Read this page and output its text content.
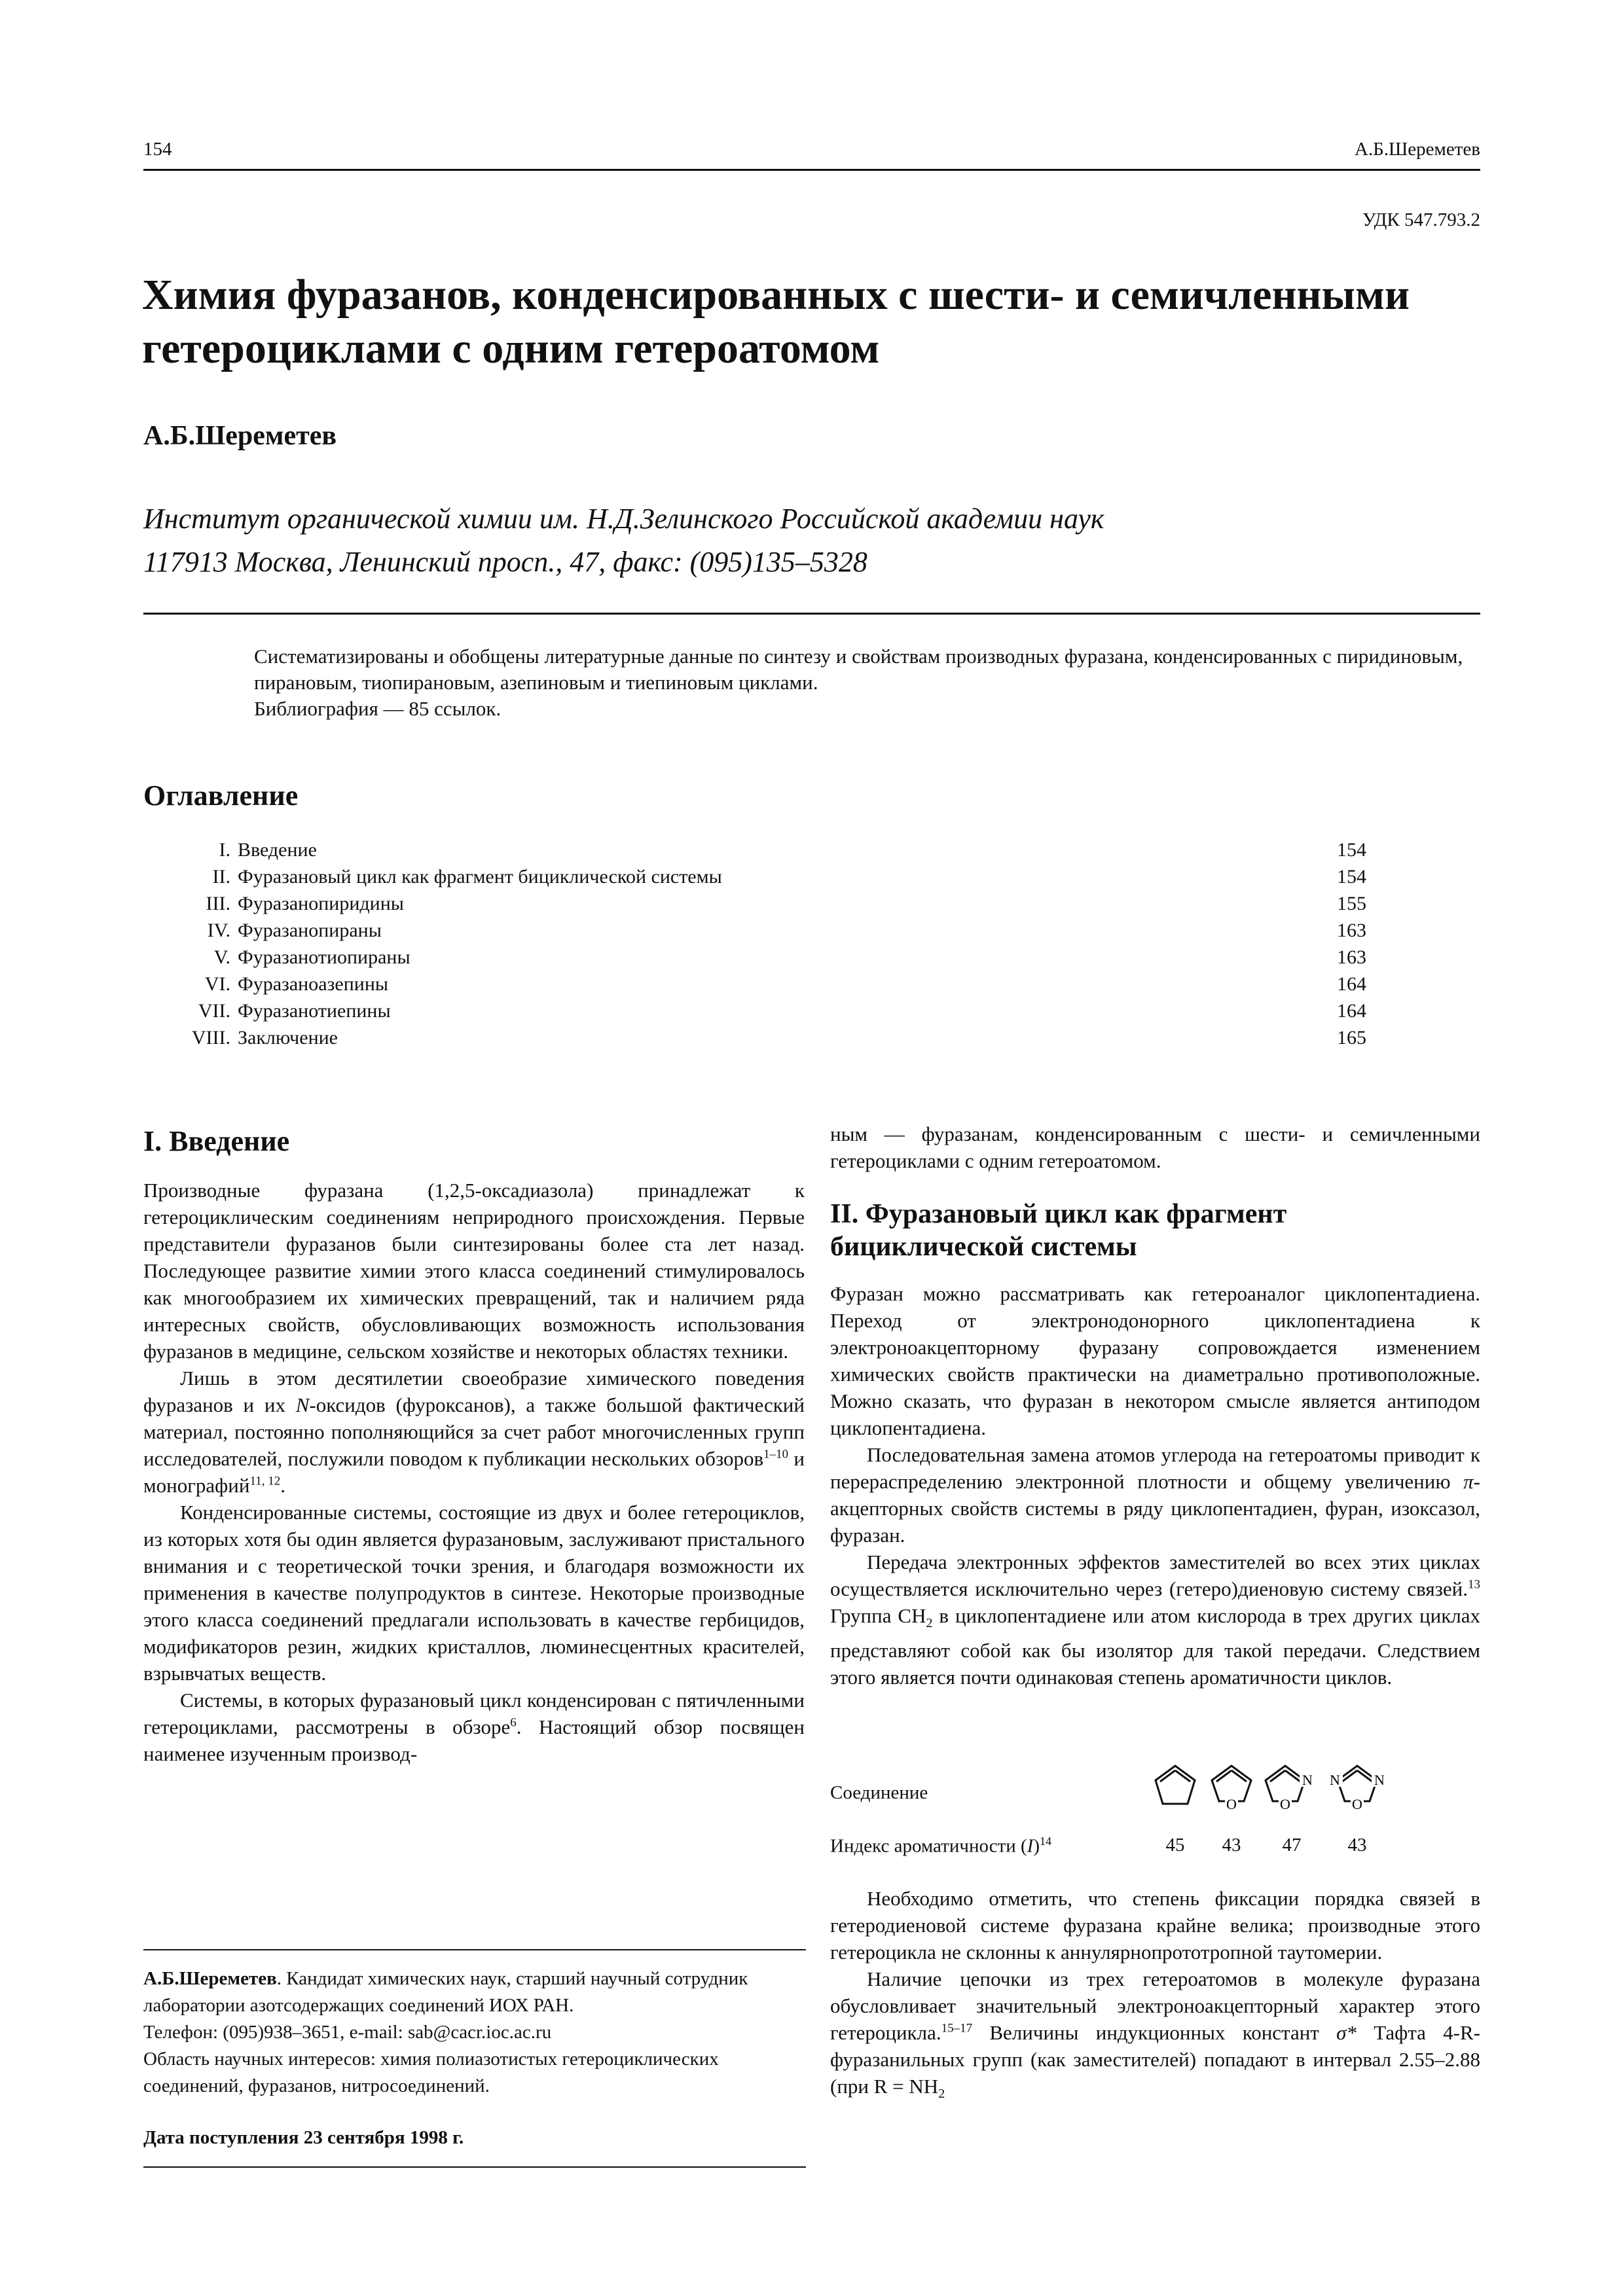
154	А.Б.Шереметев
УДК 547.793.2
Химия фуразанов, конденсированных с шести- и семичленными
гетероциклами с одним гетероатомом
А.Б.Шереметев
Институт органической химии им. Н.Д.Зелинского Российской академии наук
117913 Москва, Ленинский просп., 47, факс: (095)135–5328
Систематизированы и обобщены литературные данные по синтезу и свойствам производных фуразана, конденсированных с пиридиновым, пирановым, тиопирановым, азепиновым и тиепиновым циклами.
Библиография — 85 ссылок.
Оглавление
I. Введение	154
II. Фуразановый цикл как фрагмент бициклической системы	154
III. Фуразанопиридины	155
IV. Фуразанопираны	163
V. Фуразанотиопираны	163
VI. Фуразаноазепины	164
VII. Фуразанотиепины	164
VIII. Заключение	165
I. Введение

Производные фуразана (1,2,5-оксадиазола) принадлежат к гетероциклическим соединениям неприродного происхождения. Первые представители фуразанов были синтезированы более ста лет назад. Последующее развитие химии этого класса соединений стимулировалось как многообразием их химических превращений, так и наличием ряда интересных свойств, обусловливающих возможность использования фуразанов в медицине, сельском хозяйстве и некоторых областях техники.

Лишь в этом десятилетии своеобразие химического поведения фуразанов и их N-оксидов (фуроксанов), а также большой фактический материал, постоянно пополняющийся за счет работ многочисленных групп исследователей, послужили поводом к публикации нескольких обзоров$^{1-10}$ и монографий$^{11, 12}$.

Конденсированные системы, состоящие из двух и более гетероциклов, из которых хотя бы один является фуразановым, заслуживают пристального внимания и с теоретической точки зрения, и благодаря возможности их применения в качестве полупродуктов в синтезе. Некоторые производные этого класса соединений предлагали использовать в качестве гербицидов, модификаторов резин, жидких кристаллов, люминесцентных красителей, взрывчатых веществ.

Системы, в которых фуразановый цикл конденсирован с пятичленными гетероциклами, рассмотрены в обзоре$^6$. Настоящий обзор посвящен наименее изученным производ-

А.Б.Шереметев. Кандидат химических наук, старший научный сотрудник лаборатории азотсодержащих соединений ИОХ РАН.

Телефон: (095)938–3651, e-mail: sab@cacr.ioc.ac.ru

Область научных интересов: химия полиазотистых гетероциклических соединений, фуразанов, нитросоединений.

Дата поступления 23 сентября 1998 г.
ным — фуразанам, конденсированным с шести- и семичленными гетероциклами с одним гетероатомом.
II. Фуразановый цикл как фрагмент
бициклической системы

Фуразан можно рассматривать как гетероаналог циклопентадиена. Переход от электронодонорного циклопентадиена к электроноакцепторному фуразану сопровождается изменением химических свойств практически на диаметрально противоположные. Можно сказать, что фуразан в некотором смысле является антиподом циклопентадиена.

Последовательная замена атомов углерода на гетероатомы приводит к перераспределению электронной плотности и общему увеличению π-акцепторных свойств системы в ряду циклопентадиен, фуран, изоксазол, фуразан.

Передача электронных эффектов заместителей во всех этих циклах осуществляется исключительно через (гетеро)диеновую систему связей.$^{13}$ Группа $CH_2$ в циклопентадиене или атом кислорода в трех других циклах представляют собой как бы изолятор для такой передачи. Следствием этого является почти одинаковая степень ароматичности циклов.

Соединение
O	O
N
O
N
N
Индекс ароматичности $(I)^{14}$	45	43	47	43

Необходимо отметить, что степень фиксации порядка связей в гетеродиеновой системе фуразана крайне велика; производные этого гетероцикла не склонны к аннулярнопрототропной таутомерии.

Наличие цепочки из трех гетероатомов в молекуле фуразана обусловливает значительный электроноакцепторный характер этого гетероцикла.$^{15-17}$ Величины индукционных констант σ* Тафта 4-R-фуразанильных групп (как заместителей) попадают в интервал 2.55–2.88 (при $R = NH_2$
